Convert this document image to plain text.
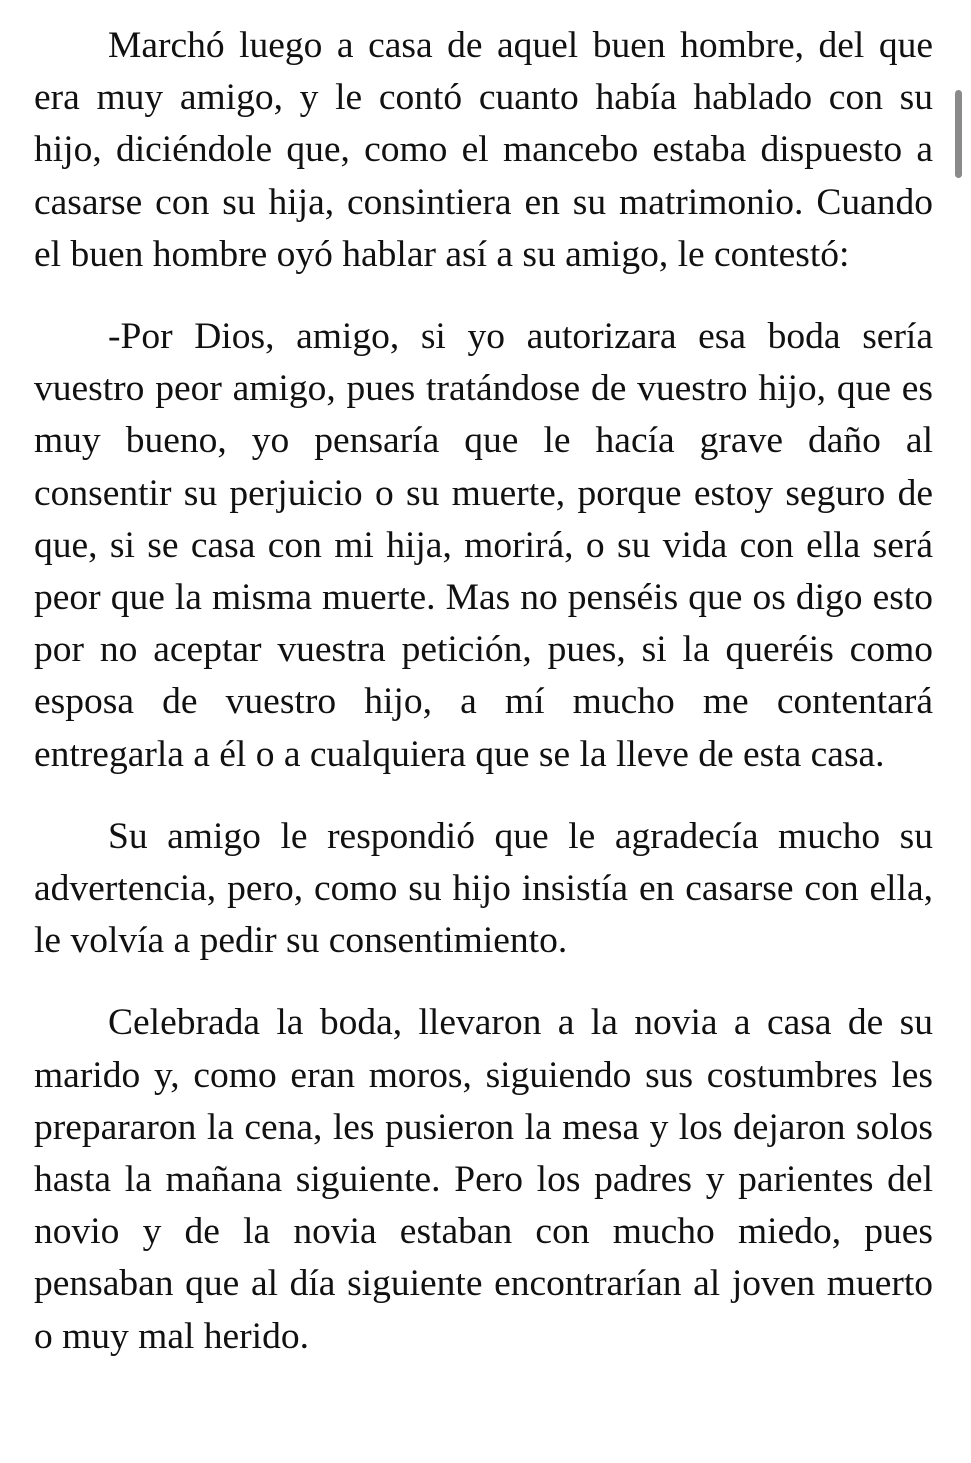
Marchó luego a casa de aquel buen hombre, del que era muy amigo, y le contó cuanto había hablado con su hijo, diciéndole que, como el mancebo estaba dispuesto a casarse con su hija, consintiera en su matrimonio. Cuando el buen hombre oyó hablar así a su amigo, le contestó:

-Por Dios, amigo, si yo autorizara esa boda sería vuestro peor amigo, pues tratándose de vuestro hijo, que es muy bueno, yo pensaría que le hacía grave daño al consentir su perjuicio o su muerte, porque estoy seguro de que, si se casa con mi hija, morirá, o su vida con ella será peor que la misma muerte. Mas no penséis que os digo esto por no aceptar vuestra petición, pues, si la queréis como esposa de vuestro hijo, a mí mucho me contentará entregarla a él o a cualquiera que se la lleve de esta casa.

Su amigo le respondió que le agradecía mucho su advertencia, pero, como su hijo insistía en casarse con ella, le volvía a pedir su consentimiento.

Celebrada la boda, llevaron a la novia a casa de su marido y, como eran moros, siguiendo sus costumbres les prepararon la cena, les pusieron la mesa y los dejaron solos hasta la mañana siguiente. Pero los padres y parientes del novio y de la novia estaban con mucho miedo, pues pensaban que al día siguiente encontrarían al joven muerto o muy mal herido.
